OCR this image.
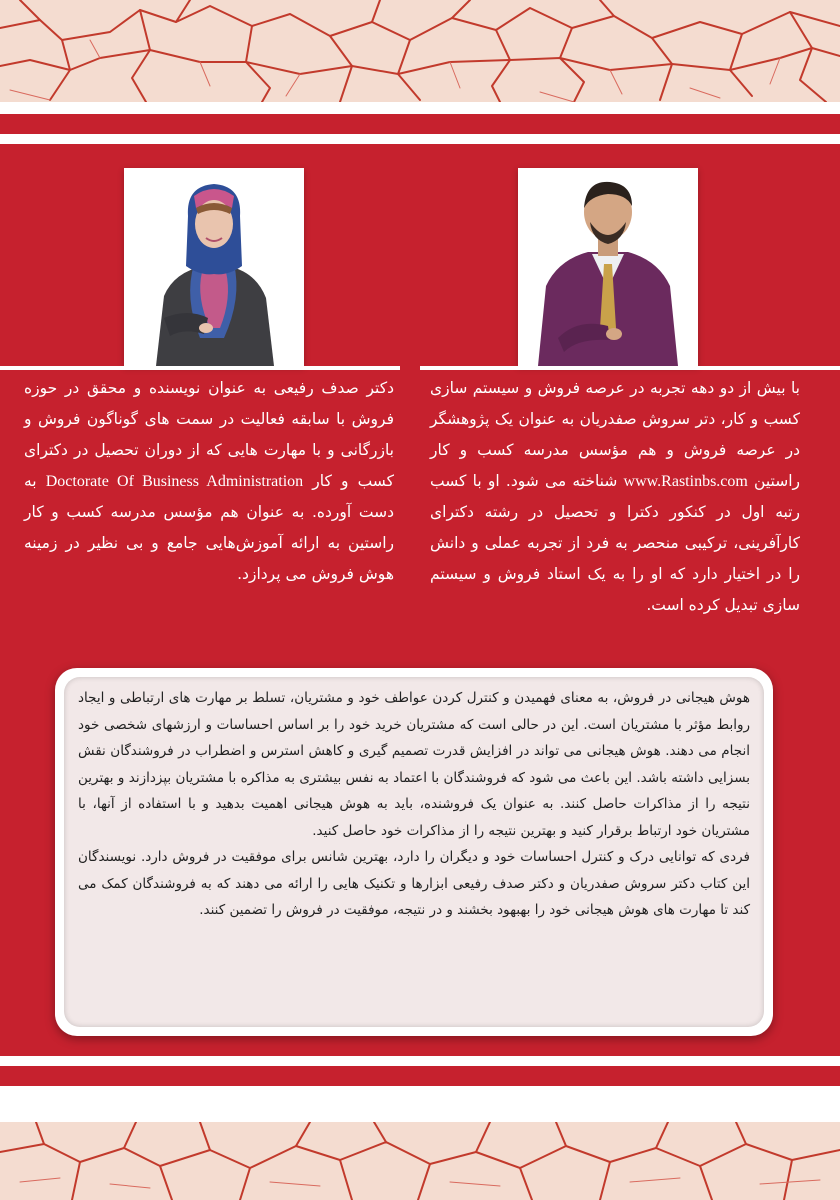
با بیش از دو دهه تجربه در عرصه فروش و سیستم سازی کسب و کار، دتر سروش صفدریان به عنوان یک پژوهشگر در عرصه فروش و هم مؤسس مدرسه کسب و کار راستین www.Rastinbs.com شناخته می شود. او با کسب رتبه اول در کنکور دکترا و تحصیل در رشته دکترای کارآفرینی، ترکیبی منحصر به فرد از تجربه عملی و دانش را در اختیار دارد که او را به یک استاد فروش و سیستم سازی تبدیل کرده است.
دکتر صدف رفیعی به عنوان نویسنده و محقق در حوزه فروش با سابقه فعالیت در سمت های گوناگون فروش و بازرگانی و با مهارت هایی که از دوران تحصیل در دکترای کسب و کار Doctorate Of Business Administration به دست آورده. به عنوان هم مؤسس مدرسه کسب و کار راستین به ارائه آموزش‌هایی جامع و بی نظیر در زمینه هوش فروش می پردازد.

هوش هیجانی در فروش، به معنای فهمیدن و کنترل کردن عواطف خود و مشتریان، تسلط بر مهارت های ارتباطی و ایجاد روابط مؤثر با مشتریان است. این در حالی است که مشتریان خرید خود را بر اساس احساسات و ارزشهای شخصی خود انجام می دهند. هوش هیجانی می تواند در افزایش قدرت تصمیم گیری و کاهش استرس و اضطراب در فروشندگان نقش بسزایی داشته باشد. این باعث می شود که فروشندگان با اعتماد به نفس بیشتری به مذاکره با مشتریان بپزدازند و بهترین نتیجه را از مذاکرات حاصل کنند. به عنوان یک فروشنده، باید به هوش هیجانی اهمیت بدهید و با استفاده از آنها، با مشتریان خود ارتباط برقرار کنید و بهترین نتیجه را از مذاکرات خود حاصل کنید.

فردی که توانایی درک و کنترل احساسات خود و دیگران را دارد، بهترین شانس برای موفقیت در فروش دارد. نویسندگان این کتاب دکتر سروش صفدریان و دکتر صدف رفیعی ابزارها و تکنیک هایی را ارائه می دهند که به فروشندگان کمک می کند تا مهارت های هوش هیجانی خود را بهبهود بخشند و در نتیجه، موفقیت در فروش را تضمین کنند.
